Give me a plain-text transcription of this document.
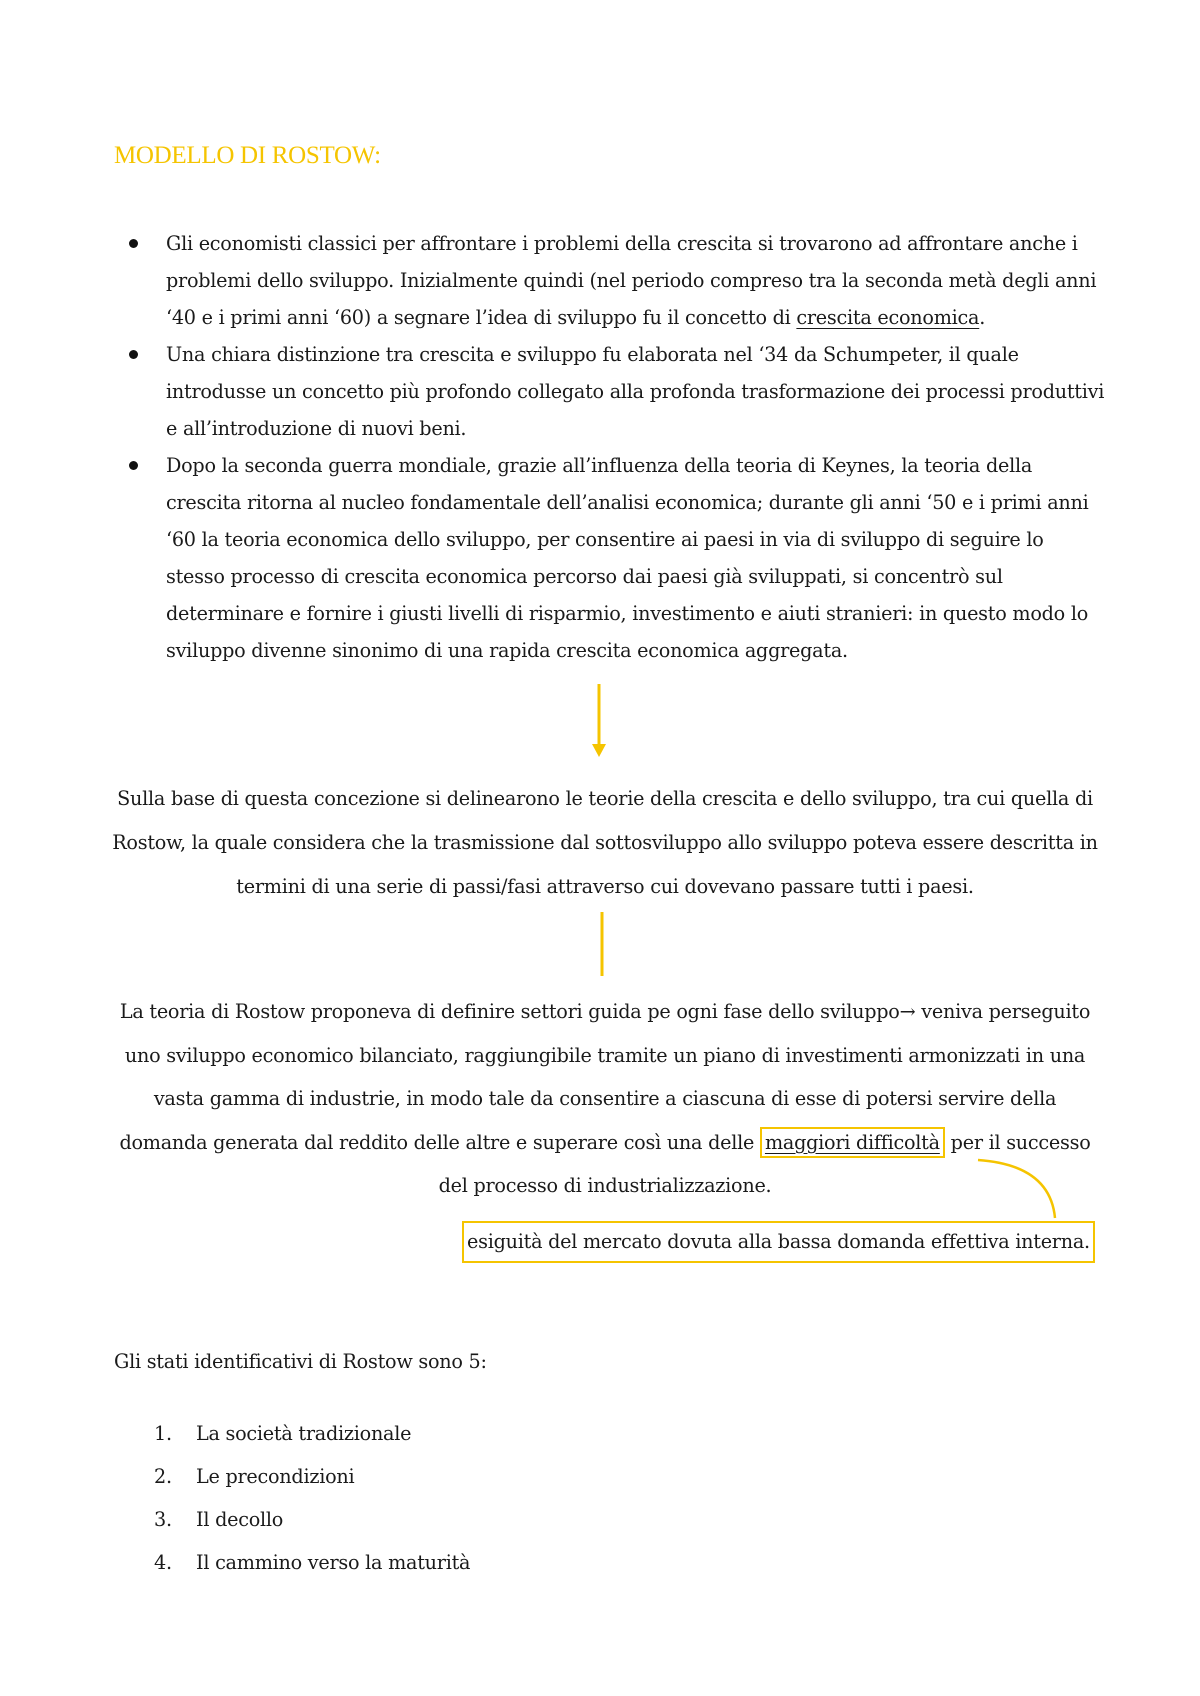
MODELLO DI ROSTOW:
Gli economisti classici per affrontare i problemi della crescita si trovarono ad affrontare anche i problemi dello sviluppo. Inizialmente quindi (nel periodo compreso tra la seconda metà degli anni ‘40 e i primi anni ‘60) a segnare l’idea di sviluppo fu il concetto di crescita economica.
Una chiara distinzione tra crescita e sviluppo fu elaborata nel ‘34 da Schumpeter, il quale introdusse un concetto più profondo collegato alla profonda trasformazione dei processi produttivi e all’introduzione di nuovi beni.
Dopo la seconda guerra mondiale, grazie all’influenza della teoria di Keynes, la teoria della crescita ritorna al nucleo fondamentale dell’analisi economica; durante gli anni ‘50 e i primi anni ‘60 la teoria economica dello sviluppo, per consentire ai paesi in via di sviluppo di seguire lo stesso processo di crescita economica percorso dai paesi già sviluppati, si concentrò sul determinare e fornire i giusti livelli di risparmio, investimento e aiuti stranieri: in questo modo lo sviluppo divenne sinonimo di una rapida crescita economica aggregata.
Sulla base di questa concezione si delinearono le teorie della crescita e dello sviluppo, tra cui quella di Rostow, la quale considera che la trasmissione dal sottosviluppo allo sviluppo poteva essere descritta in termini di una serie di passi/fasi attraverso cui dovevano passare tutti i paesi.
La teoria di Rostow proponeva di definire settori guida pe ogni fase dello sviluppo→ veniva perseguito uno sviluppo economico bilanciato, raggiungibile tramite un piano di investimenti armonizzati in una vasta gamma di industrie, in modo tale da consentire a ciascuna di esse di potersi servire della domanda generata dal reddito delle altre e superare così una delle maggiori difficoltà per il successo del processo di industrializzazione.
esiguità del mercato dovuta alla bassa domanda effettiva interna.
Gli stati identificativi di Rostow sono 5:
1. La società tradizionale
2. Le precondizioni
3. Il decollo
4. Il cammino verso la maturità
